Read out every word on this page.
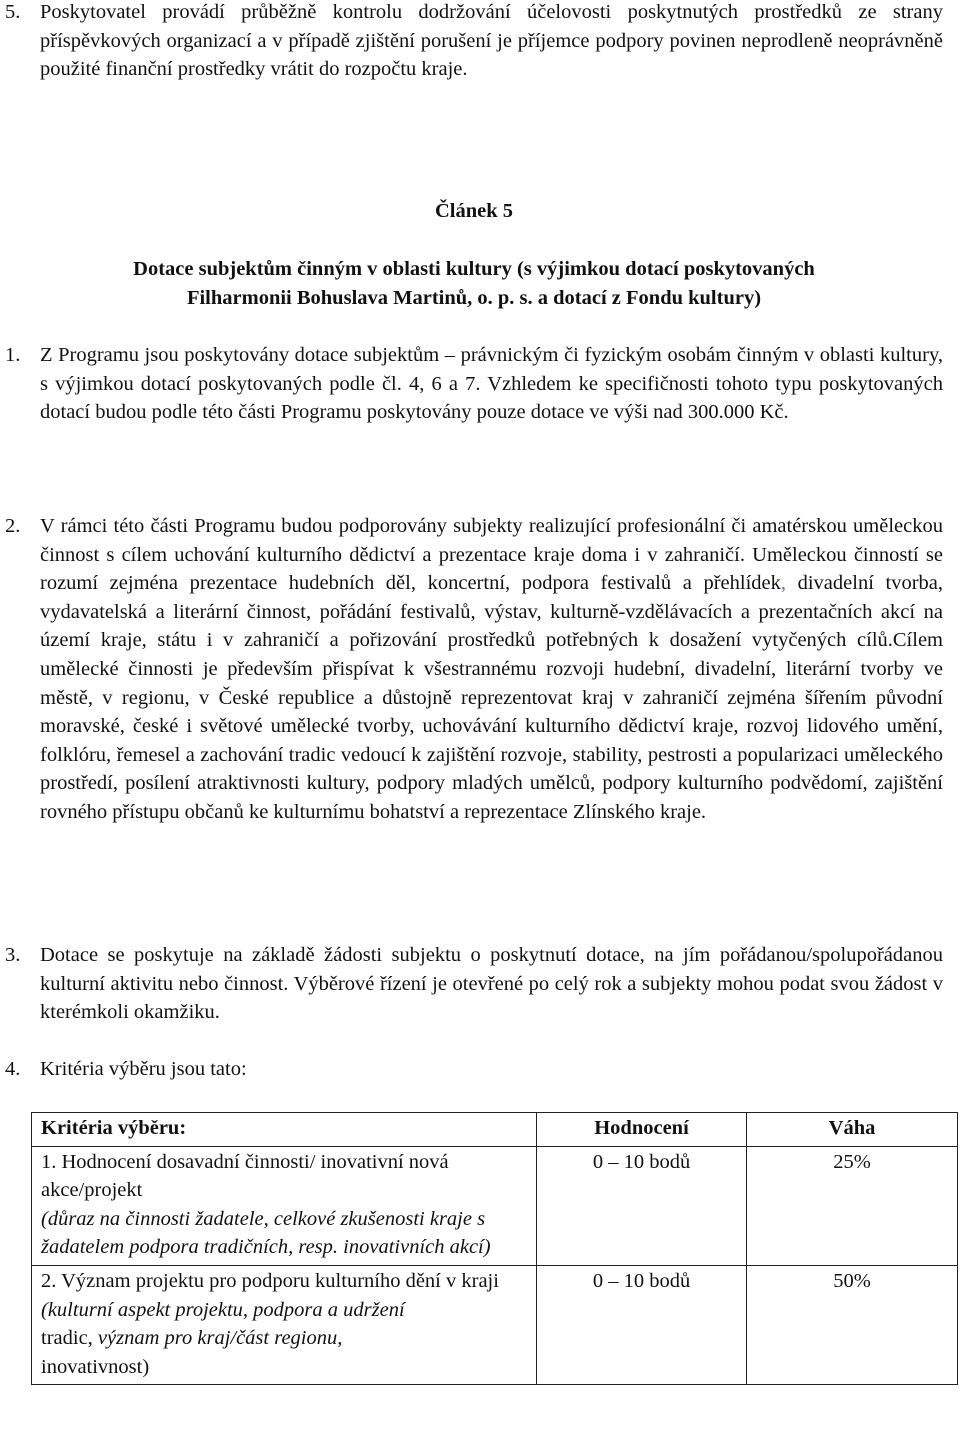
5. Poskytovatel provádí průběžně kontrolu dodržování účelovosti poskytnutých prostředků ze strany příspěvkových organizací a v případě zjištění porušení je příjemce podpory povinen neprodleně neoprávněně použité finanční prostředky vrátit do rozpočtu kraje.
Článek 5
Dotace subjektům činným v oblasti kultury (s výjimkou dotací poskytovaných
Filharmonii Bohuslava Martinů, o. p. s. a dotací z Fondu kultury)
1. Z Programu jsou poskytovány dotace subjektům – právnickým či fyzickým osobám činným v oblasti kultury, s výjimkou dotací poskytovaných podle čl. 4, 6 a 7. Vzhledem ke specifičnosti tohoto typu poskytovaných dotací budou podle této části Programu poskytovány pouze dotace ve výši nad 300.000 Kč.
2. V rámci této části Programu budou podporovány subjekty realizující profesionální či amatérskou uměleckou činnost s cílem uchování kulturního dědictví a prezentace kraje doma i v zahraničí. Uměleckou činností se rozumí zejména prezentace hudebních děl, koncertní, podpora festivalů a přehlídek, divadelní tvorba, vydavatelská a literární činnost, pořádání festivalů, výstav, kulturně-vzdělávacích a prezentačních akcí na území kraje, státu i v zahraničí a pořizování prostředků potřebných k dosažení vytyčených cílů.Cílem umělecké činnosti je především přispívat k všestrannému rozvoji hudební, divadelní, literární tvorby ve městě, v regionu, v České republice a důstojně reprezentovat kraj v zahraničí zejména šířením původní moravské, české i světové umělecké tvorby, uchovávání kulturního dědictví kraje, rozvoj lidového umění, folklóru, řemesel a zachování tradic vedoucí k zajištění rozvoje, stability, pestrosti a popularizaci uměleckého prostředí, posílení atraktivnosti kultury, podpory mladých umělců, podpory kulturního podvědomí, zajištění rovného přístupu občanů ke kulturnímu bohatství a reprezentace Zlínského kraje.
3. Dotace se poskytuje na základě žádosti subjektu o poskytnutí dotace, na jím pořádanou/spolupořádanou kulturní aktivitu nebo činnost. Výběrové řízení je otevřené po celý rok a subjekty mohou podat svou žádost v kterémkoli okamžiku.
4. Kritéria výběru jsou tato:
Kritéria výběru:	Hodnocení	Váha

1. Hodnocení dosavadní činnosti/ inovativní nová akce/projekt
(důraz na činnosti žadatele, celkové zkušenosti kraje s žadatelem podpora tradičních, resp. inovativních akcí)	0 – 10 bodů	25%

2. Význam projektu pro podporu kulturního dění v kraji
(kulturní aspekt projektu, podpora a udržení
tradic, význam pro kraj/část regionu,
inovativnost)	0 – 10 bodů	50%
